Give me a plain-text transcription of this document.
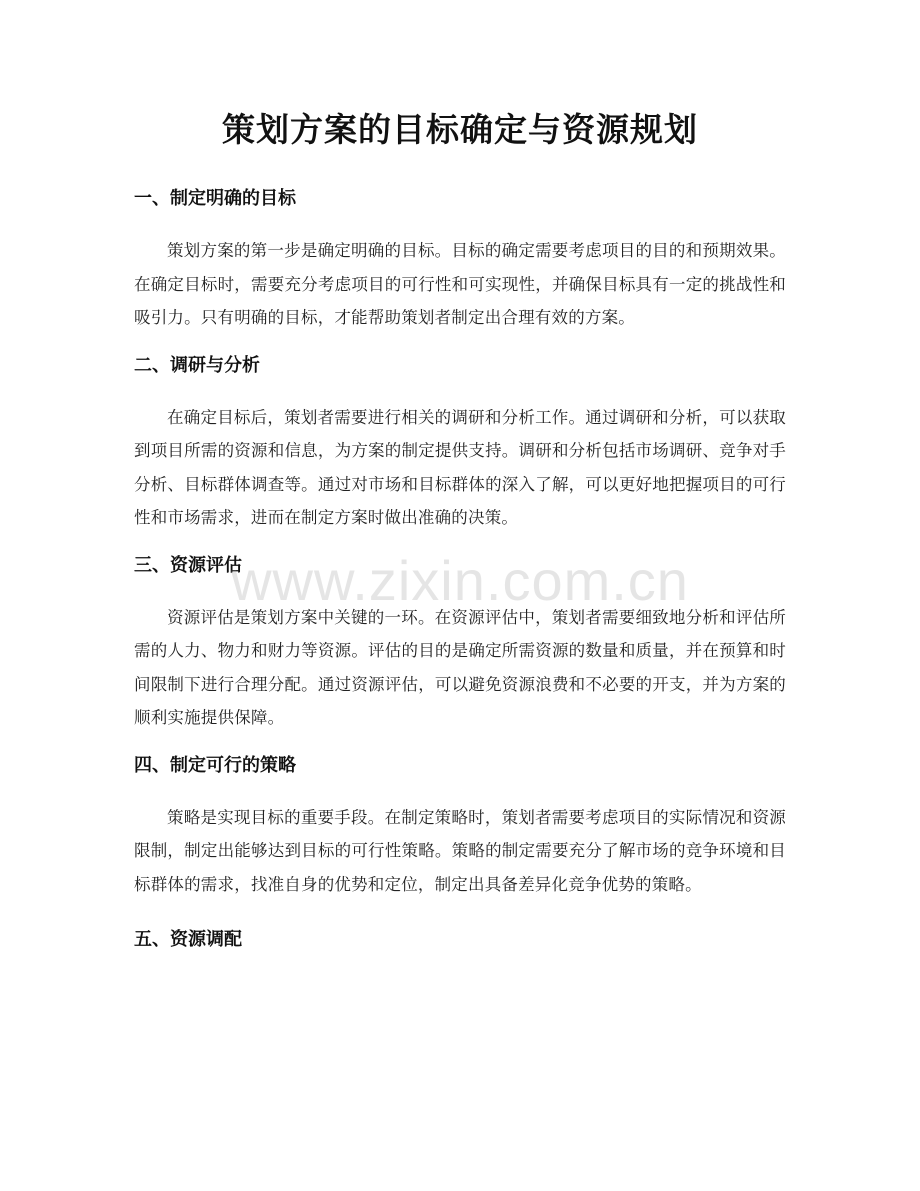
策划方案的目标确定与资源规划
一、制定明确的目标

策划方案的第一步是确定明确的目标。目标的确定需要考虑项目的目的和预期效果。在确定目标时，需要充分考虑项目的可行性和可实现性，并确保目标具有一定的挑战性和吸引力。只有明确的目标，才能帮助策划者制定出合理有效的方案。

二、调研与分析

在确定目标后，策划者需要进行相关的调研和分析工作。通过调研和分析，可以获取到项目所需的资源和信息，为方案的制定提供支持。调研和分析包括市场调研、竞争对手分析、目标群体调查等。通过对市场和目标群体的深入了解，可以更好地把握项目的可行性和市场需求，进而在制定方案时做出准确的决策。

三、资源评估

资源评估是策划方案中关键的一环。在资源评估中，策划者需要细致地分析和评估所需的人力、物力和财力等资源。评估的目的是确定所需资源的数量和质量，并在预算和时间限制下进行合理分配。通过资源评估，可以避免资源浪费和不必要的开支，并为方案的顺利实施提供保障。

四、制定可行的策略

策略是实现目标的重要手段。在制定策略时，策划者需要考虑项目的实际情况和资源限制，制定出能够达到目标的可行性策略。策略的制定需要充分了解市场的竞争环境和目标群体的需求，找准自身的优势和定位，制定出具备差异化竞争优势的策略。

五、资源调配
www.zixin.com.cn
